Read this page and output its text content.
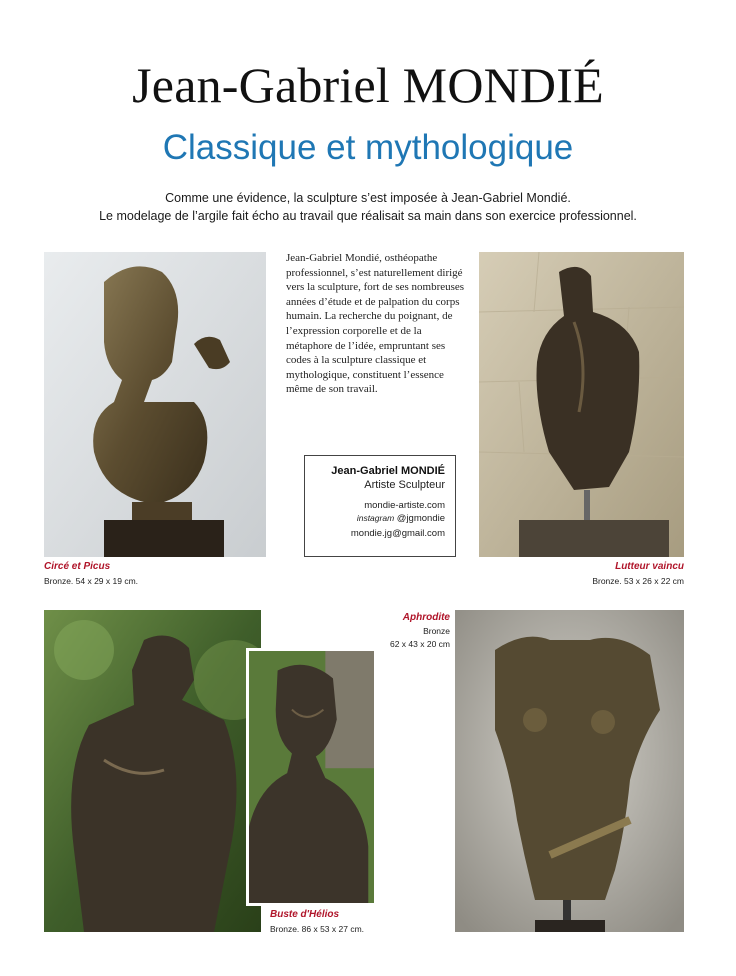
Jean-Gabriel MONDIÉ
Classique et mythologique
Comme une évidence, la sculpture s’est imposée à Jean-Gabriel Mondié.
Le modelage de l’argile fait écho au travail que réalisait sa main dans son exercice professionnel.
Circé et Picus
Bronze. 54 x 29 x 19 cm.
Jean-Gabriel Mondié, osthéopathe professionnel, s’est naturellement dirigé vers la sculpture, fort de ses nombreuses années d’étude et de palpation du corps humain. La recherche du poignant, de l’expression corporelle et de la métaphore de l’idée, empruntant ses codes à la sculpture classique et mythologique, constituent l’essence même de son travail.
Jean-Gabriel MONDIÉ
Artiste Sculpteur
mondie-artiste.com
instagram @jgmondie
mondie.jg@gmail.com
Lutteur vaincu
Bronze. 53 x 26 x 22 cm
Buste d'Hélios
Bronze. 86 x 53 x 27 cm.
Aphrodite
Bronze
62 x 43 x 20 cm
